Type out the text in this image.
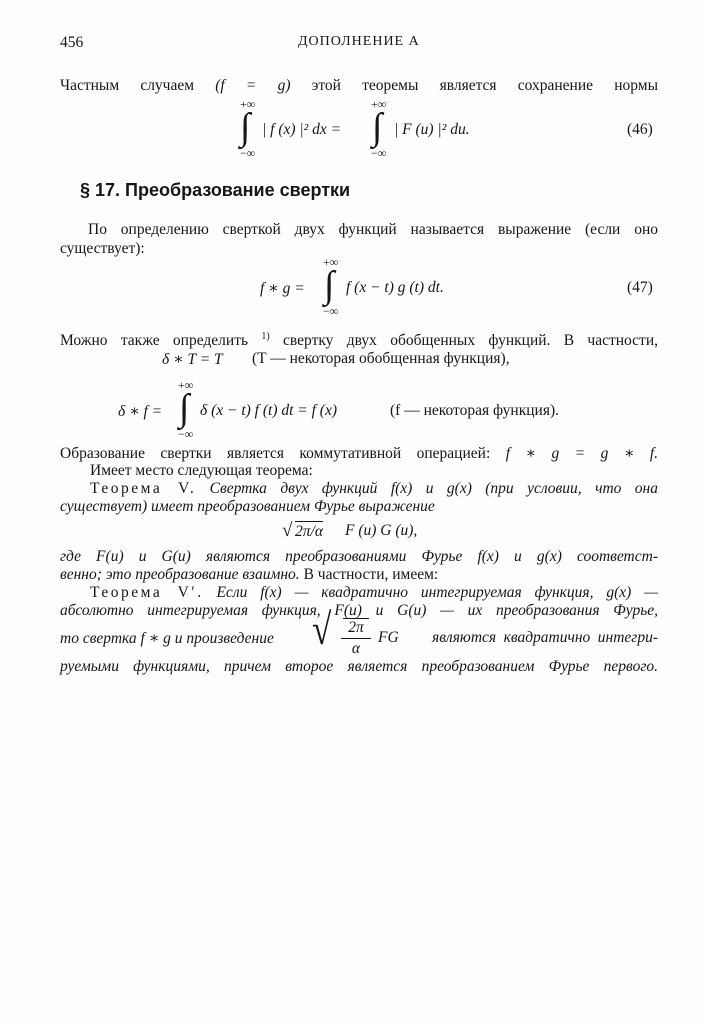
456	ДОПОЛНЕНИЕ А
Частным случаем (f = g) этой теоремы является сохранение нормы
+∞
∫
−∞
| f (x) |² dx =
+∞
∫
−∞
| F (u) |² du.	(46)
§ 17. Преобразование свертки
По определению сверткой двух функций называется выражение (если оно
существует):
f ∗ g =
+∞
∫
−∞
f (x − t) g (t) dt.	(47)
Можно также определить $^{1)}$ свертку двух обобщенных функций. В частности,
δ ∗ T = T (T — некоторая обобщенная функция),
δ ∗ f =
+∞
∫
−∞
δ (x − t) f (t) dt = f (x)	(f — некоторая функция).
Образование свертки является коммутативной операцией: f ∗ g = g ∗ f.
Имеет место следующая теорема:
Теорема V. Свертка двух функций f(x) и g(x) (при условии, что она
существует) имеет преобразованием Фурье выражение
√ 2π/α F (u) G (u),
где F(u) и G(u) являются преобразованиями Фурье f(x) и g(x) соответст-
венно; это преобразование взаимно. В частности, имеем:
Теорема V′. Если f(x) — квадратично интегрируемая функция, g(x) —
абсолютно интегрируемая функция, F(u) и G(u) — их преобразования Фурье,
то свертка f ∗ g и произведение √	2π
α
FG являются квадратично интегри-
руемыми функциями, причем второе является преобразованием Фурье первого.
